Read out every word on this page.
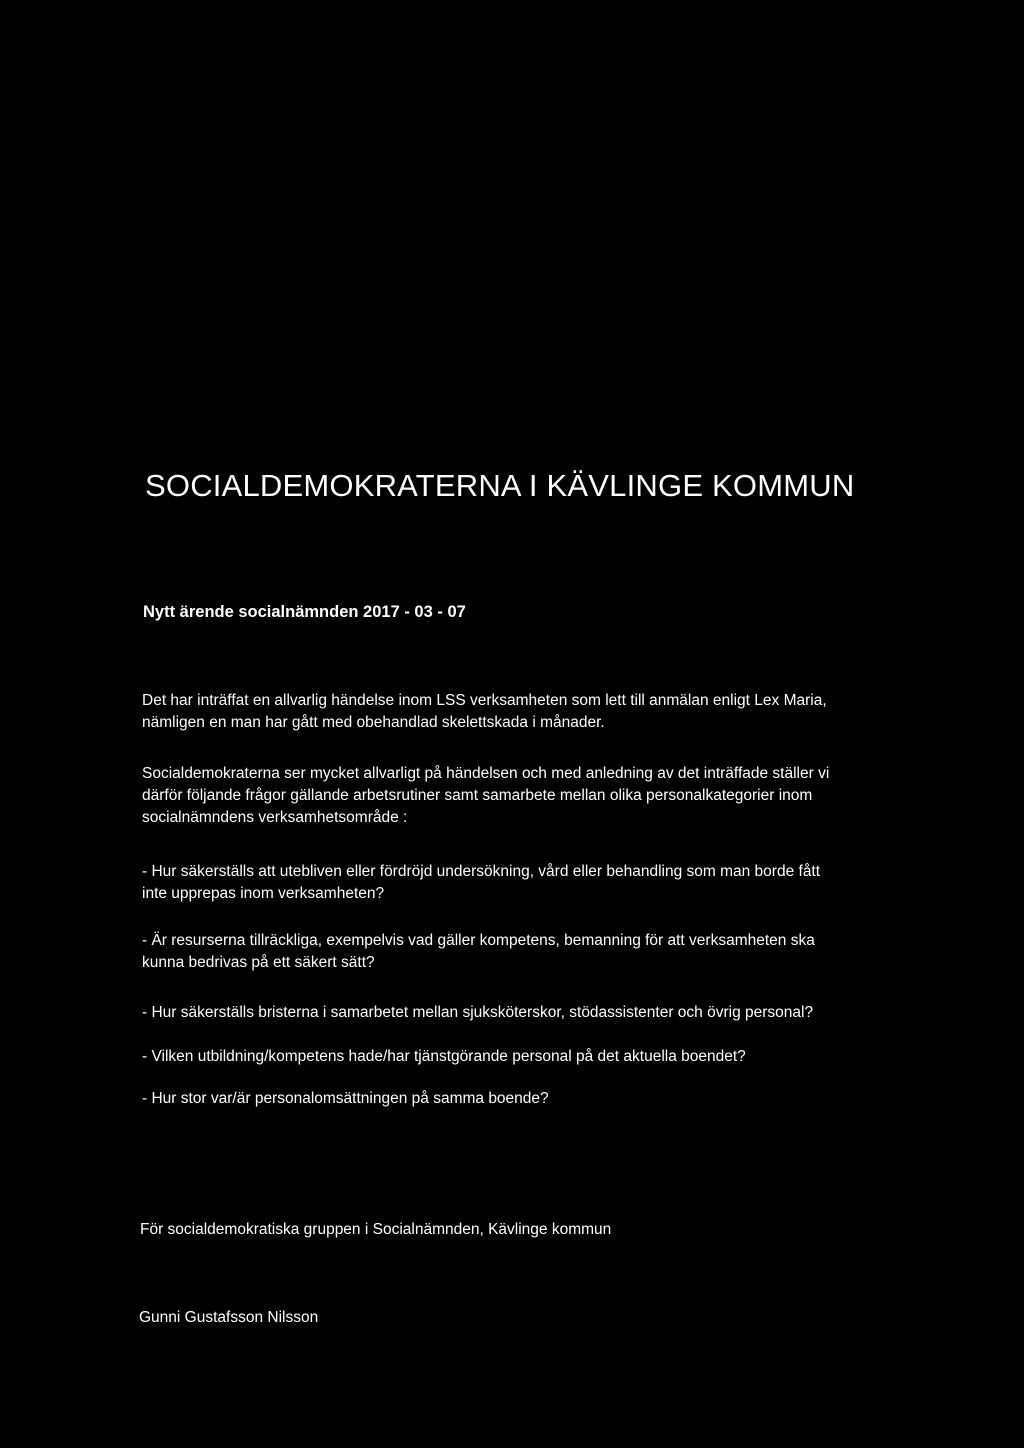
SOCIALDEMOKRATERNA I KÄVLINGE KOMMUN
Nytt ärende socialnämnden 2017 - 03 - 07

Det har inträffat en allvarlig händelse inom LSS verksamheten som lett till anmälan enligt Lex Maria,
nämligen en man har gått med obehandlad skelettskada i månader.

Socialdemokraterna ser mycket allvarligt på händelsen och med anledning av det inträffade ställer vi
därför följande frågor gällande arbetsrutiner samt samarbete mellan olika personalkategorier inom
socialnämndens verksamhetsområde :

- Hur säkerställs att utebliven eller fördröjd undersökning, vård eller behandling som man borde fått
inte upprepas inom verksamheten?

- Är resurserna tillräckliga, exempelvis vad gäller kompetens, bemanning för att verksamheten ska
kunna bedrivas på ett säkert sätt?

- Hur säkerställs bristerna i samarbetet mellan sjuksköterskor, stödassistenter och övrig personal?

- Vilken utbildning/kompetens hade/har tjänstgörande personal på det aktuella boendet?

- Hur stor var/är personalomsättningen på samma boende?

För socialdemokratiska gruppen i Socialnämnden, Kävlinge kommun
Gunni Gustafsson Nilsson
